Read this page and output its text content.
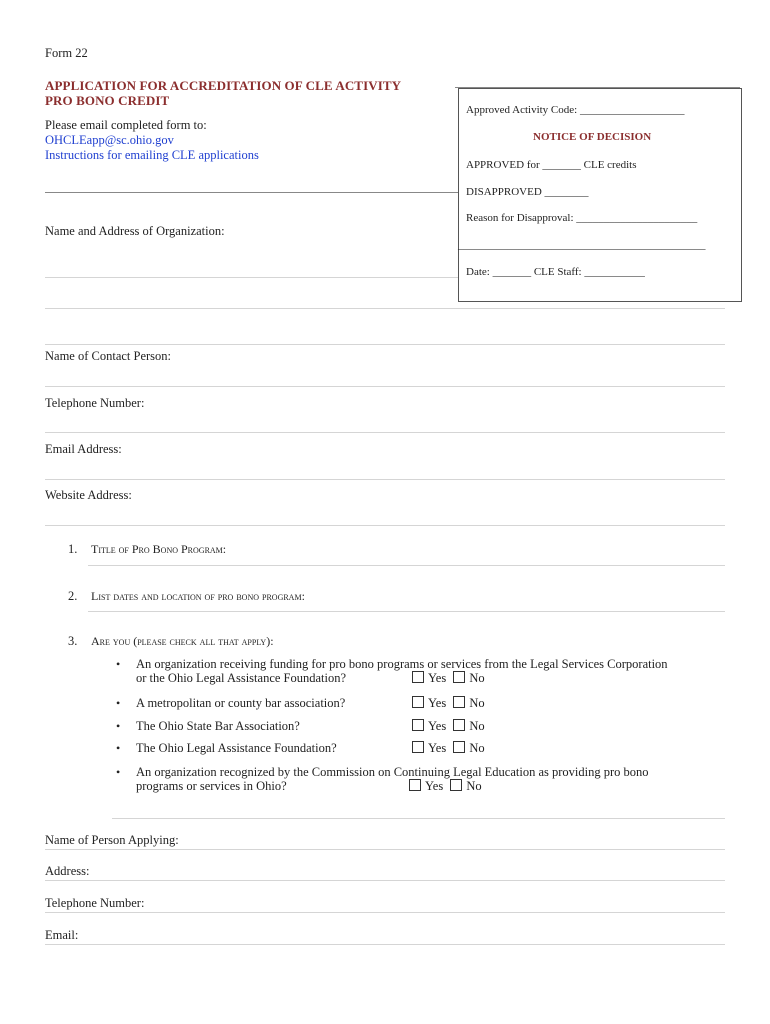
Form 22
APPLICATION FOR ACCREDITATION OF CLE ACTIVITY
PRO BONO CREDIT
Please email completed form to:
OHCLEapp@sc.ohio.gov
Instructions for emailing CLE applications
Approved Activity Code: ___________________
NOTICE OF DECISION
APPROVED for _______ CLE credits
DISAPPROVED ________
Reason for Disapproval: ______________________
_____________________________________________
Date: _______ CLE Staff: ___________
Name and Address of Organization:
Name of Contact Person:
Telephone Number:
Email Address:
Website Address:
1. Title of Pro Bono Program:
2. List dates and location of pro bono program:
3. Are you (please check all that apply):
• An organization receiving funding for pro bono programs or services from the Legal Services Corporation
or the Ohio Legal Assistance Foundation?	Yes No
• A metropolitan or county bar association?	Yes No
• The Ohio State Bar Association?	Yes No
• The Ohio Legal Assistance Foundation?	Yes No
• An organization recognized by the Commission on Continuing Legal Education as providing pro bono
programs or services in Ohio?	Yes No
Name of Person Applying:
Address:
Telephone Number:
Email:
